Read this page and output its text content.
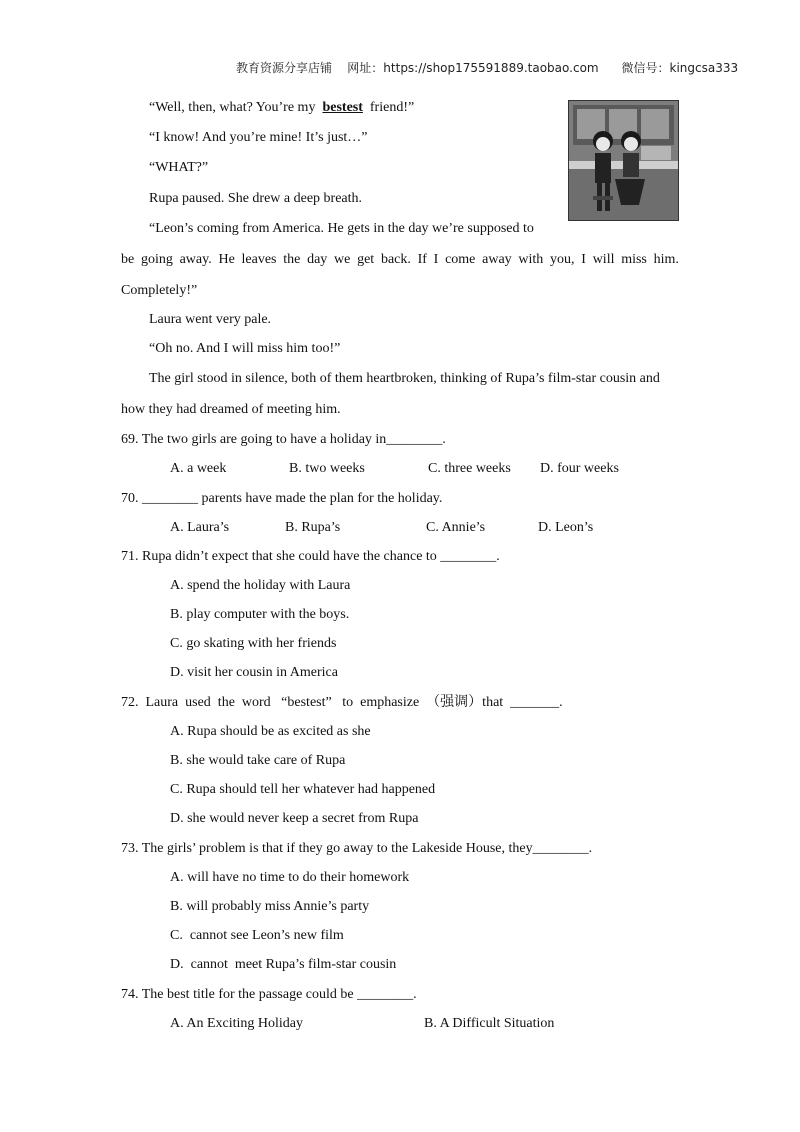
教育资源分享店铺 网址：https://shop175591889.taobao.com 微信号：kingcsa333
“Well, then, what? You’re my bestest friend!”
“I know! And you’re mine! It’s just…”
“WHAT?”
Rupa paused. She drew a deep breath.
“Leon’s coming from America. He gets in the day we’re supposed to
be going away. He leaves the day we get back. If I come away with you, I will miss him.
Completely!”
Laura went very pale.
“Oh no. And I will miss him too!”
The girl stood in silence, both of them heartbroken, thinking of Rupa’s film-star cousin and
how they had dreamed of meeting him.
69. The two girls are going to have a holiday in________.
A. a week	B. two weeks	C. three weeks D. four weeks
70. ________ parents have made the plan for the holiday.
A. Laura’s	B. Rupa’s	C. Annie’s	D. Leon’s
71. Rupa didn’t expect that she could have the chance to ________.
A. spend the holiday with Laura
B. play computer with the boys.
C. go skating with her friends
D. visit her cousin in America
72.  Laura  used  the  word   “bestest”   to  emphasize  （强调）that  _______.
A. Rupa should be as excited as she
B. she would take care of Rupa
C. Rupa should tell her whatever had happened
D. she would never keep a secret from Rupa
73. The girls’ problem is that if they go away to the Lakeside House, they________.
A. will have no time to do their homework
B. will probably miss Annie’s party
C.  cannot see Leon’s new film
D.  cannot  meet Rupa’s film-star cousin
74. The best title for the passage could be ________.
A. An Exciting Holiday	B. A Difficult Situation
